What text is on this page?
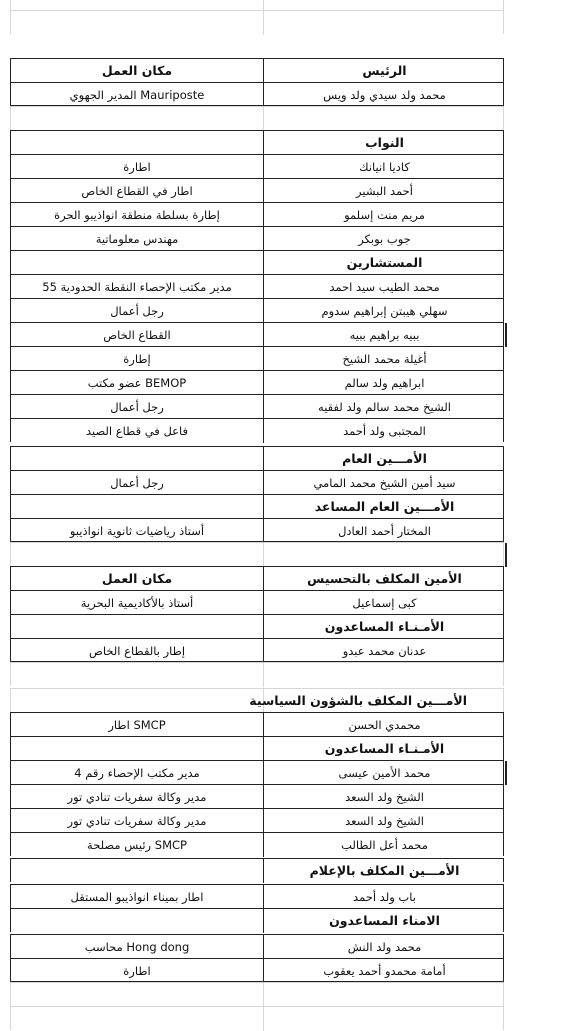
مكان العمل	الرئيس
Mauriposte المدير الجهوي	محمد ولد سيدي ولد ويس
النواب
اطارة	كاديا انيانك
اطار في القطاع الخاص	أحمد البشير
إطارة بسلطة منطقة انواذيبو الحرة	مريم منت إسلمو
مهندس معلوماتية	جوب بوبكر
المستشارين
مدير مكتب الإحصاء النقطة الحدودية 55	محمد الطيب سيد احمد
رجل أعمال	سهلي هيبتن إبراهيم سدوم
القطاع الخاص	ببيه براهيم ببيه
إطارة	أغيلة محمد الشيخ
BEMOP عضو مكتب	ابراهيم ولد سالم
رجل أعمال	الشيخ محمد سالم ولد لفقيه
فاعل في قطاع الصيد	المجتبى ولد أحمد
الأمـــين العام
رجل أعمال	سيد أمين الشيخ محمد المامي
الأمـــين العام المساعد
أستاذ رياضيات ثانوية انواذيبو	المختار أحمد العادل
مكان العمل	الأمين المكلف بالتحسيس
أستاذ بالأكاديمية البحرية	كبى إسماعيل
الأمـنـاء المساعدون
إطار بالقطاع الخاص	عدنان محمد عبدو
الأمـــين المكلف بالشؤون السياسية
SMCP اطار	محمدي الحسن
الأمـنـاء المساعدون
مدير مكتب الإحصاء رقم 4	محمد الأمين عيسى
مدير وكالة سفريات تنادي تور	الشيخ ولد السعد
مدير وكالة سفريات تنادي تور	الشيخ ولد السعد
SMCP رئيس مصلحة	محمد أعل الطالب
الأمـــين المكلف بالإعلام
اطار بميناء انواذيبو المستقل	باب ولد أحمد
الامناء المساعدون
Hong dong محاسب	محمد ولد النش
اطارة	أمامة محمدو أحمد يعقوب
